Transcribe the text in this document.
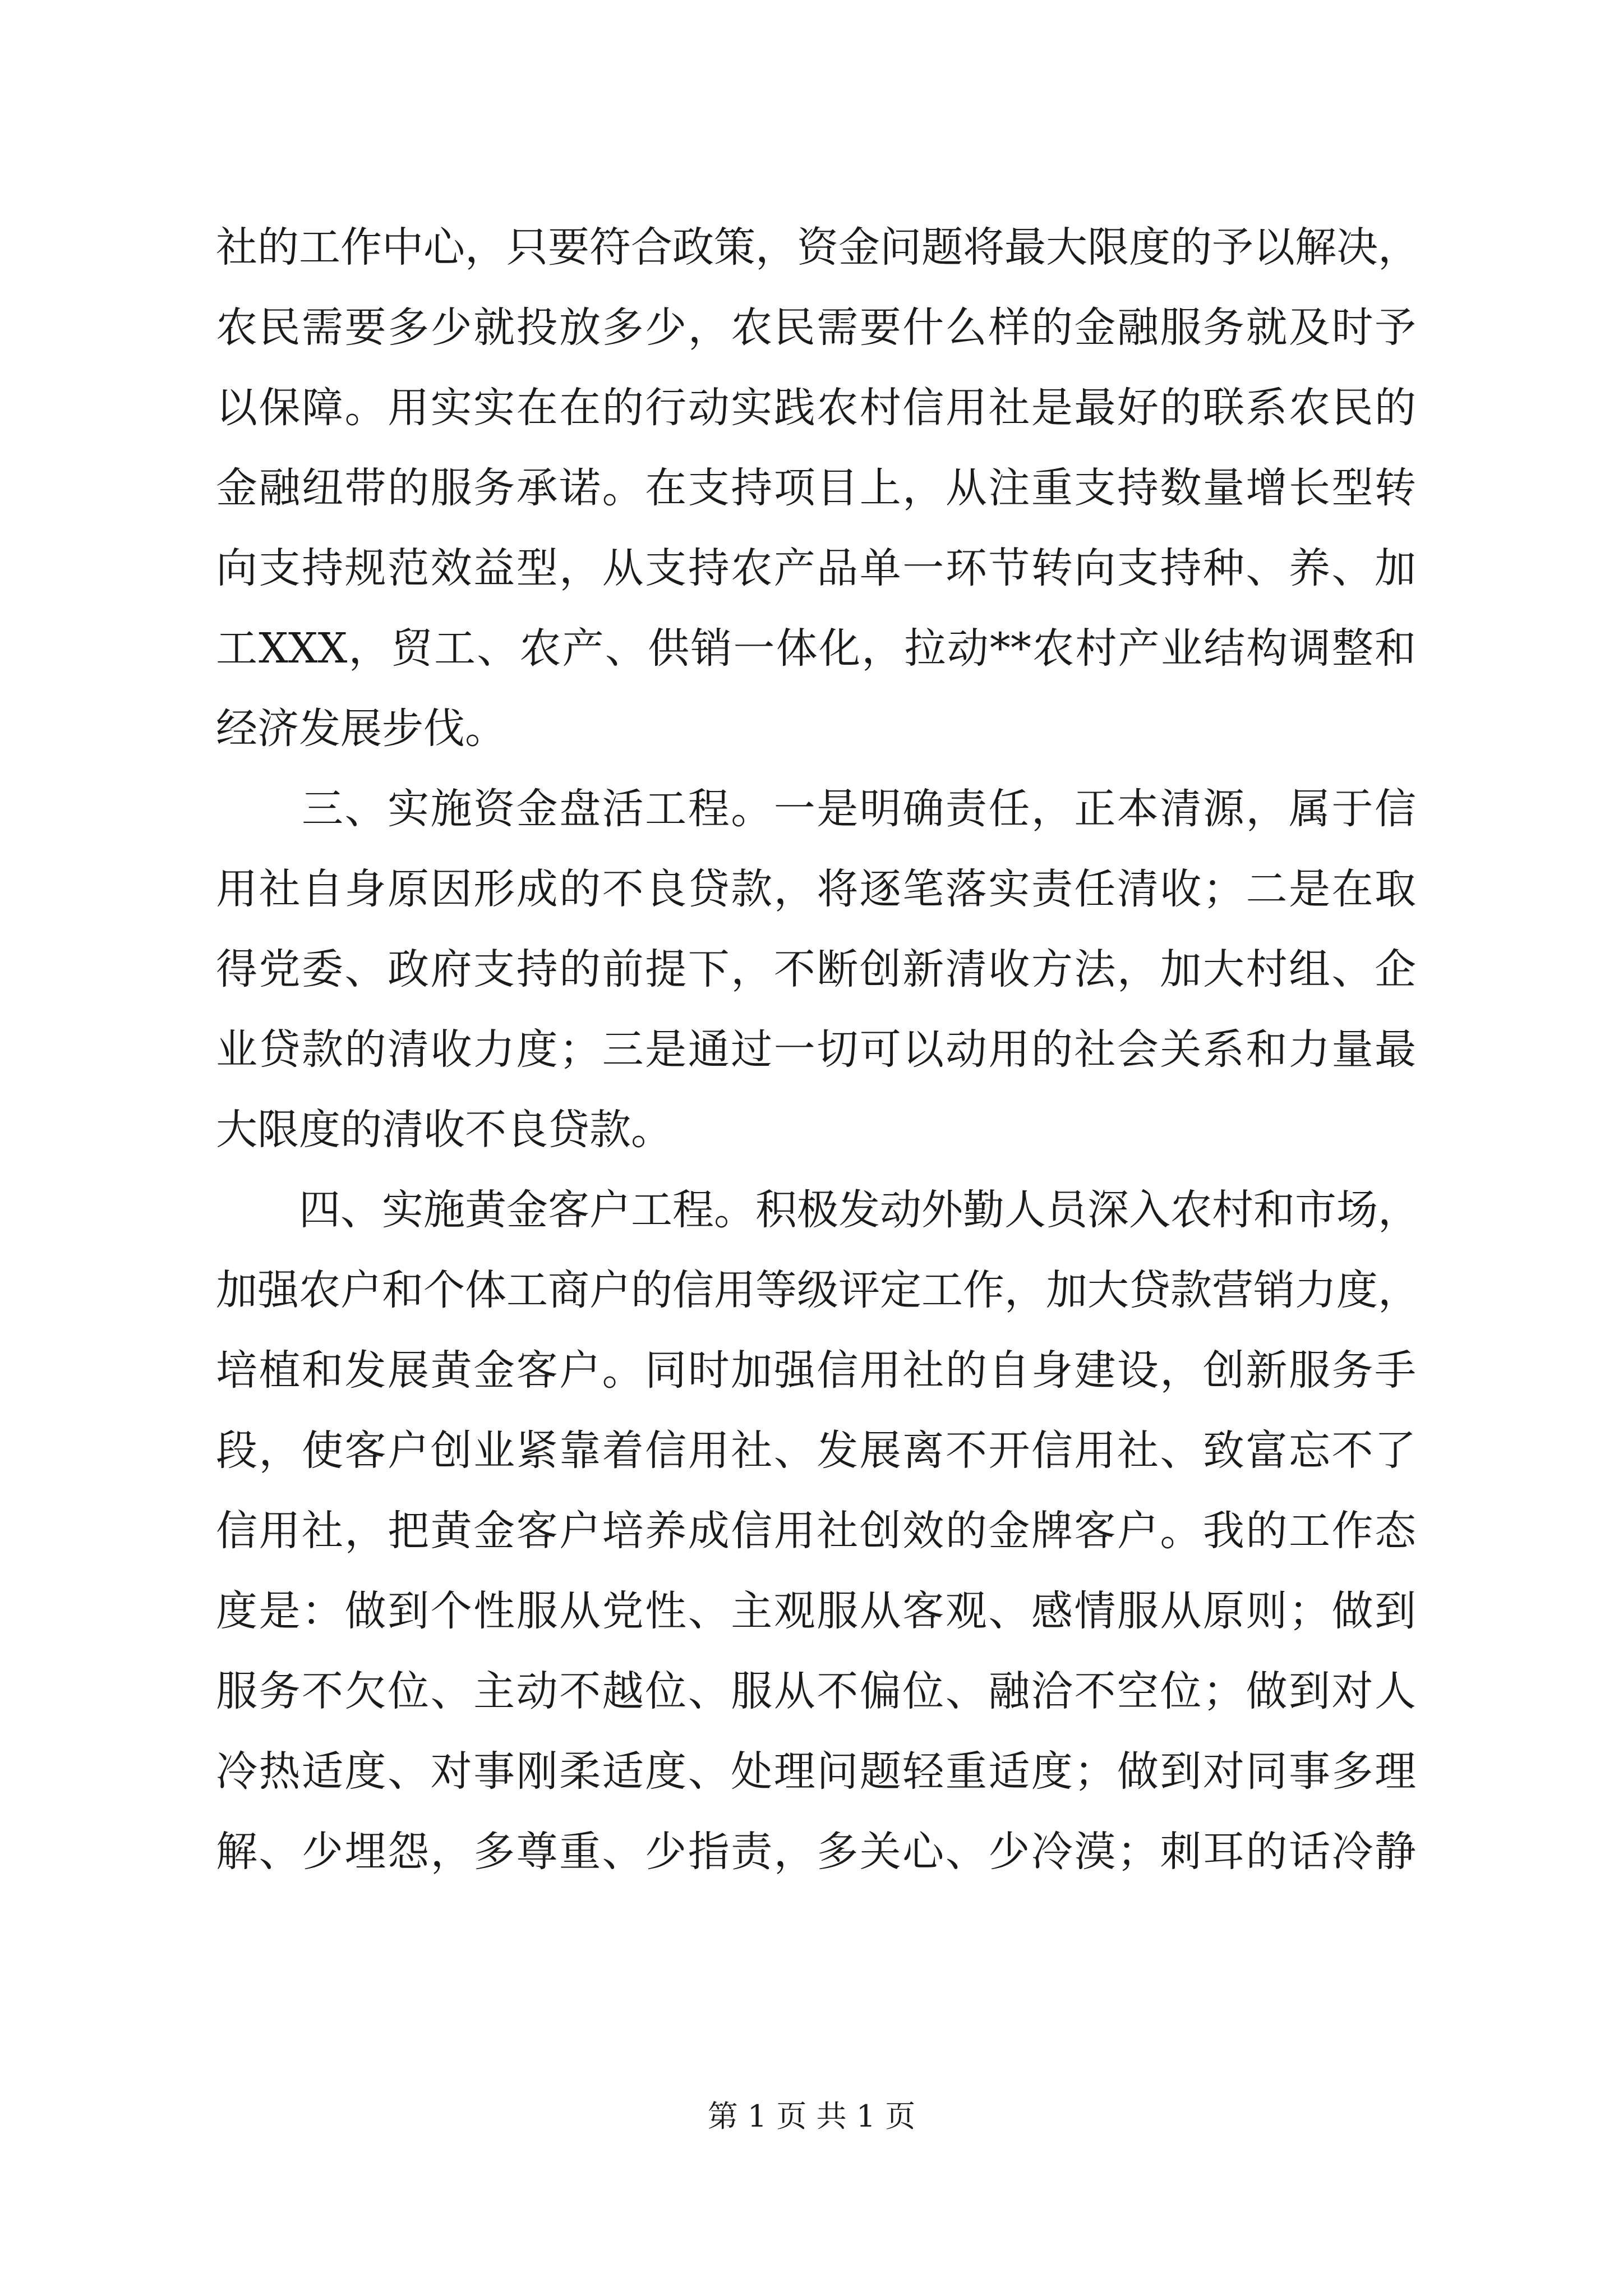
社的工作中心，只要符合政策，资金问题将最大限度的予以解决，
农民需要多少就投放多少，农民需要什么样的金融服务就及时予
以保障。用实实在在的行动实践农村信用社是最好的联系农民的
金融纽带的服务承诺。在支持项目上，从注重支持数量增长型转
向支持规范效益型，从支持农产品单一环节转向支持种、养、加
工XXX，贸工、农产、供销一体化，拉动**农村产业结构调整和
经济发展步伐。
　　三、实施资金盘活工程。一是明确责任，正本清源，属于信
用社自身原因形成的不良贷款，将逐笔落实责任清收；二是在取
得党委、政府支持的前提下，不断创新清收方法，加大村组、企
业贷款的清收力度；三是通过一切可以动用的社会关系和力量最
大限度的清收不良贷款。
　　四、实施黄金客户工程。积极发动外勤人员深入农村和市场，
加强农户和个体工商户的信用等级评定工作，加大贷款营销力度，
培植和发展黄金客户。同时加强信用社的自身建设，创新服务手
段，使客户创业紧靠着信用社、发展离不开信用社、致富忘不了
信用社，把黄金客户培养成信用社创效的金牌客户。我的工作态
度是：做到个性服从党性、主观服从客观、感情服从原则；做到
服务不欠位、主动不越位、服从不偏位、融洽不空位；做到对人
冷热适度、对事刚柔适度、处理问题轻重适度；做到对同事多理
解、少埋怨，多尊重、少指责，多关心、少冷漠；刺耳的话冷静
第 1 页 共 1 页
